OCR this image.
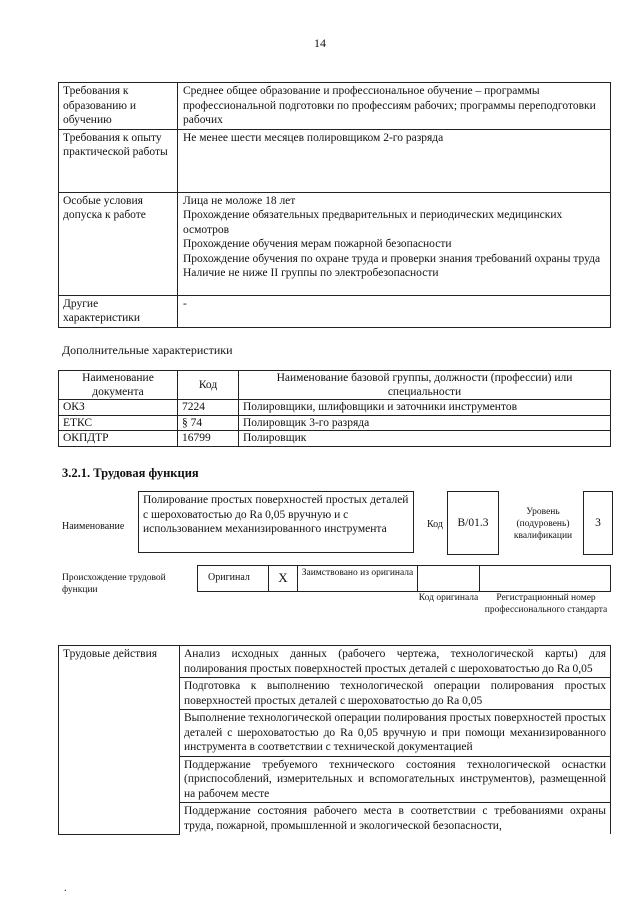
14
Требования к образованию и обучению	Среднее общее образование и профессиональное обучение – программы профессиональной подготовки по профессиям рабочих; программы переподготовки рабочих

Требования к опыту практической работы	Не менее шести месяцев полировщиком 2-го разряда

Особые условия допуска к работе	Лица не моложе 18 лет
Прохождение обязательных предварительных и периодических медицинских осмотров
Прохождение обучения мерам пожарной безопасности
Прохождение обучения по охране труда и проверки знания требований охраны труда
Наличие не ниже II группы по электробезопасности

Другие характеристики	-
Дополнительные характеристики
Наименование документа	Код	Наименование базовой группы, должности (профессии) или специальности
ОКЗ	7224	Полировщики, шлифовщики и заточники инструментов
ЕТКС	§ 74	Полировщик 3-го разряда
ОКПДТР	16799	Полировщик
3.2.1. Трудовая функция
Наименование
Полирование простых поверхностей простых деталей с шероховатостью до Ra 0,05 вручную и с использованием механизированного инструмента	Код	B/01.3
Уровень (подуровень) квалификации
3
Происхождение трудовой функции
Оригинал	X	Заимствовано из оригинала
Код оригинала	Регистрационный номер профессионального стандарта
Трудовые действия	Анализ исходных данных (рабочего чертежа, технологической карты) для полирования простых поверхностей простых деталей с шероховатостью до Ra 0,05
Подготовка к выполнению технологической операции полирования простых поверхностей простых деталей с шероховатостью до Ra 0,05
Выполнение технологической операции полирования простых поверхностей простых деталей с шероховатостью до Ra 0,05 вручную и при помощи механизированного инструмента в соответствии с технической документацией
Поддержание требуемого технического состояния технологической оснастки (приспособлений, измерительных и вспомогательных инструментов), размещенной на рабочем месте
Поддержание состояния рабочего места в соответствии с требованиями охраны труда, пожарной, промышленной и экологической безопасности,
.
